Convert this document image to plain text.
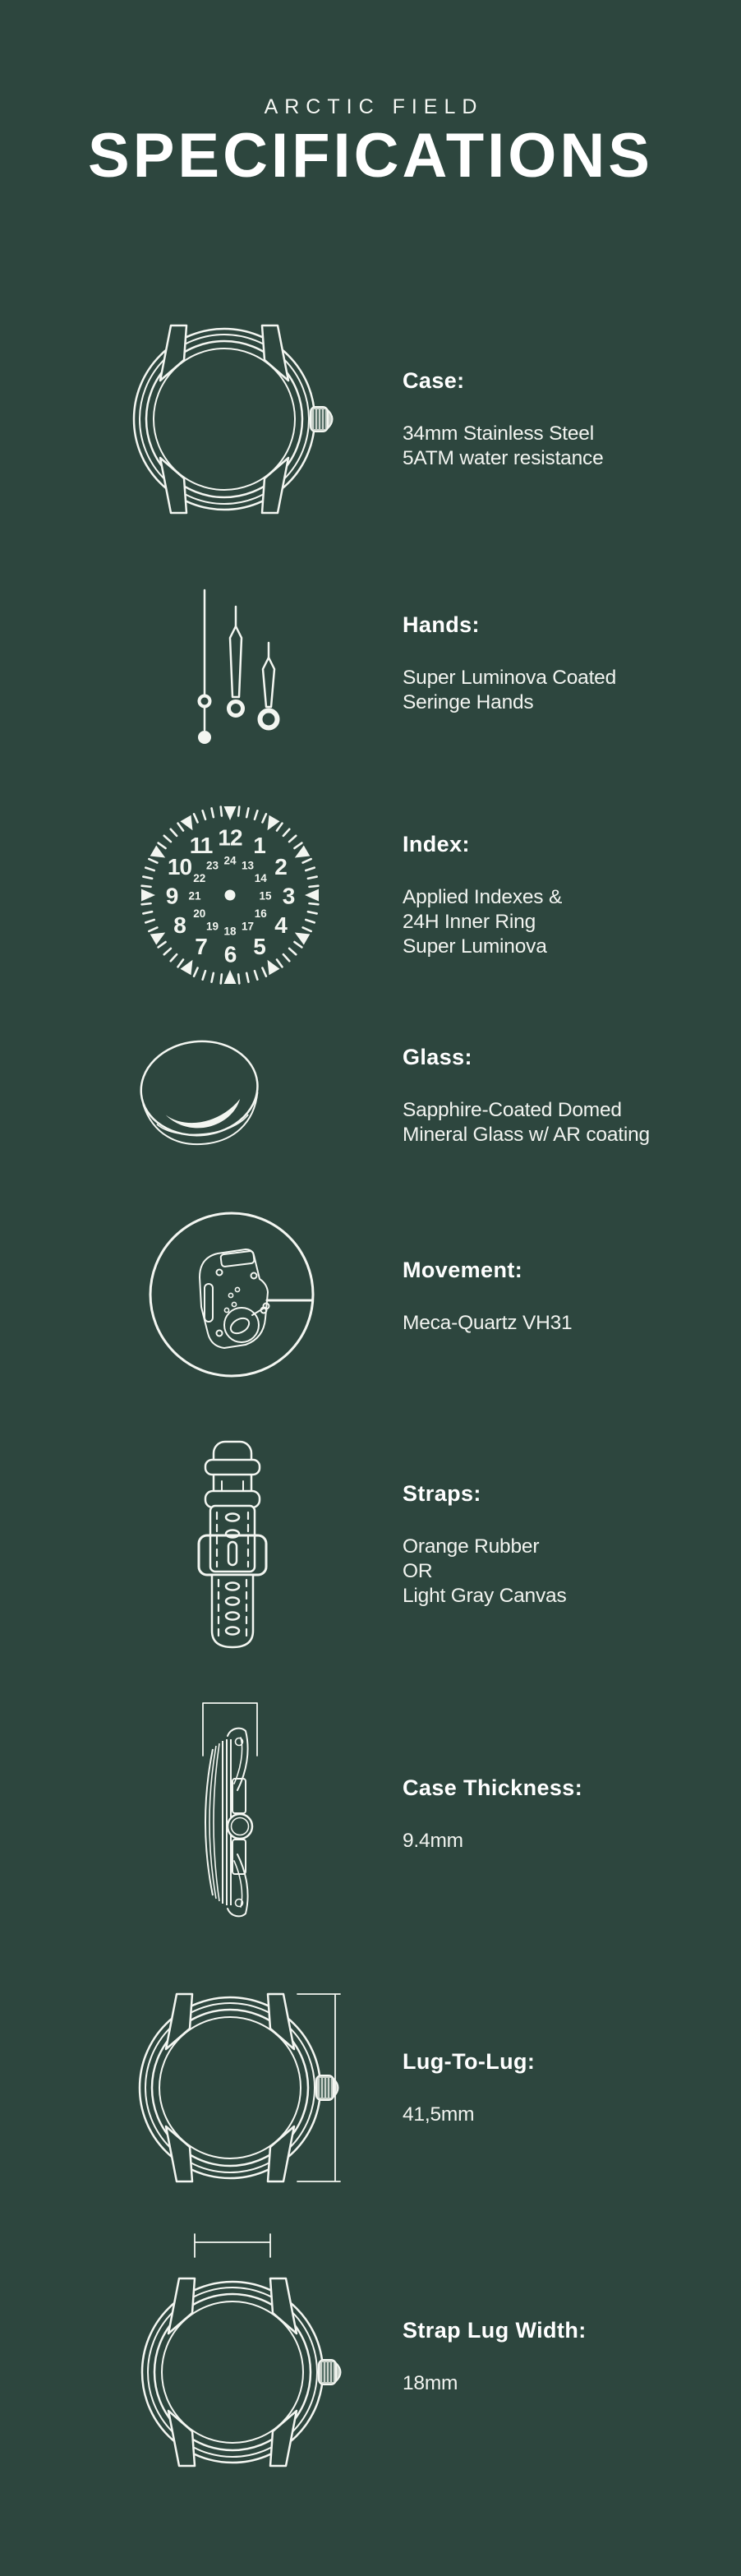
ARCTIC FIELD
SPECIFICATIONS
Case:
34mm Stainless Steel
5ATM water resistance
Hands:
Super Luminova Coated
Seringe Hands
12 1
2
3
4
5
6
7
8
9
10
11
24 13
14
15
16
17
18
19
20
21
22
23
Index:
Applied Indexes &
24H Inner Ring
Super Luminova
Glass:
Sapphire-Coated Domed
Mineral Glass w/ AR coating
Movement:
Meca-Quartz VH31
Straps:
Orange Rubber
OR
Light Gray Canvas
Case Thickness:
9.4mm
Lug-To-Lug:
41,5mm
Strap Lug Width:
18mm
